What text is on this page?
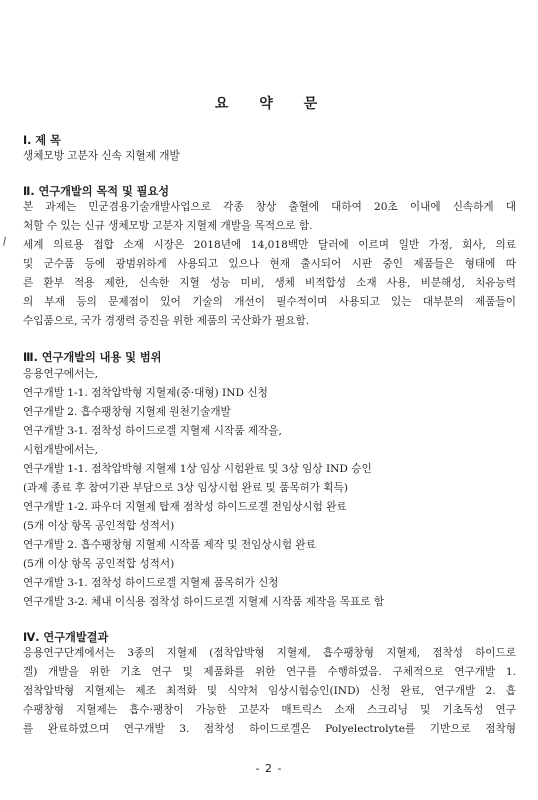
요 약 문
Ⅰ. 제 목
생체모방 고분자 신속 지혈제 개발
Ⅱ. 연구개발의 목적 및 필요성
본 과제는 민군겸용기술개발사업으로 각종 창상 출혈에 대하여 20초 이내에 신속하게 대
처할 수 있는 신규 생체모방 고분자 지혈제 개발을 목적으로 함.
세계 의료용 접합 소재 시장은 2018년에 14,018백만 달러에 이르며 일반 가정, 회사, 의료
및 군수품 등에 광범위하게 사용되고 있으나 현재 출시되어 시판 중인 제품들은 형태에 따
른 환부 적용 제한, 신속한 지혈 성능 미비, 생체 비적합성 소재 사용, 비분해성, 치유능력
의 부재 등의 문제점이 있어 기술의 개선이 필수적이며 사용되고 있는 대부분의 제품들이
수입품으로, 국가 경쟁력 증진을 위한 제품의 국산화가 필요함.
Ⅲ. 연구개발의 내용 및 범위
응용연구에서는,
연구개발 1-1. 점착압박형 지혈제(중·대형) IND 신청
연구개발 2. 흡수팽창형 지혈제 원천기술개발
연구개발 3-1. 점착성 하이드로겔 지혈제 시작품 제작을,
시험개발에서는,
연구개발 1-1. 점착압박형 지혈제 1상 임상 시험완료 및 3상 임상 IND 승인
(과제 종료 후 참여기관 부담으로 3상 임상시험 완료 및 품목허가 획득)
연구개발 1-2. 파우더 지혈제 탑재 점착성 하이드로겔 전임상시험 완료
(5개 이상 항목 공인적합 성적서)
연구개발 2. 흡수팽창형 지혈제 시작품 제작 및 전임상시험 완료
(5개 이상 항목 공인적합 성적서)
연구개발 3-1. 점착성 하이드로겔 지혈제 품목허가 신청
연구개발 3-2. 체내 이식용 점착성 하이드로겔 지혈제 시작품 제작을 목표로 함
Ⅳ. 연구개발결과
응용연구단계에서는 3종의 지혈제 (점착압박형 지혈제, 흡수팽창형 지혈제, 점착성 하이드로
겔) 개발을 위한 기초 연구 및 제품화를 위한 연구를 수행하였음. 구체적으로 연구개발 1.
점착압박형 지혈제는 제조 최적화 및 식약처 임상시험승인(IND) 신청 완료, 연구개발 2. 흡
수팽창형 지혈제는 흡수·팽창이 가능한 고분자 매트릭스 소재 스크리닝 및 기초독성 연구
를 완료하였으며 연구개발 3. 점착성 하이드로겔은 Polyelectrolyte를 기반으로 점착형
- 2 -
